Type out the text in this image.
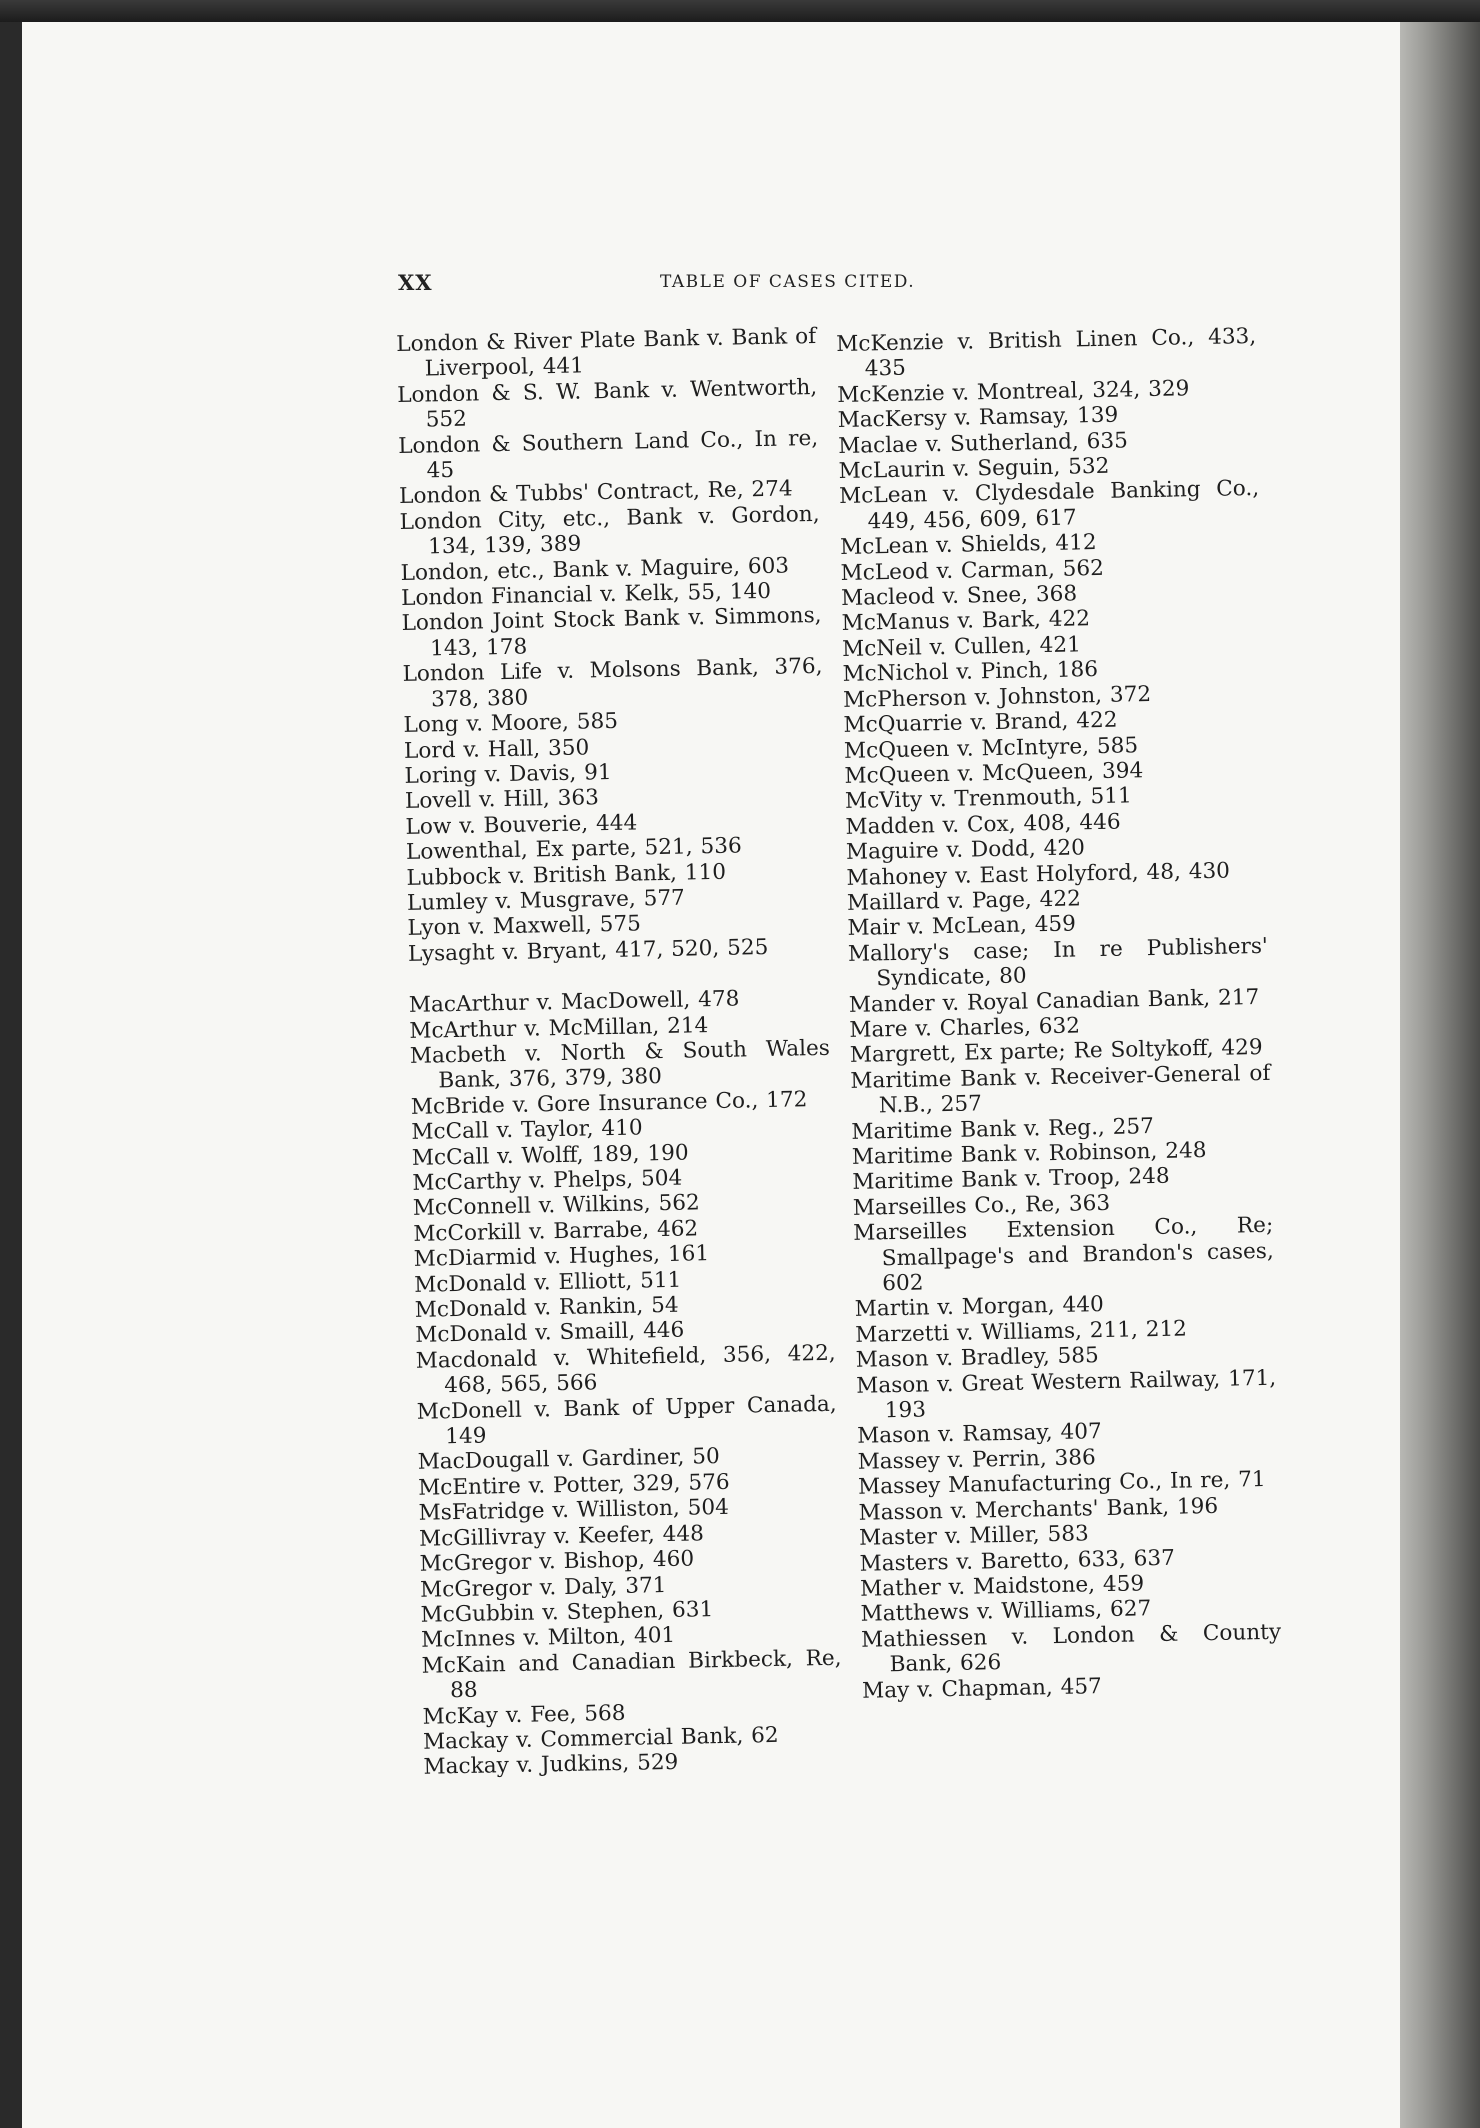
XX	TABLE OF CASES CITED.

London & River Plate Bank v. Bank of Liverpool, 441

London & S. W. Bank v. Wentworth, 552

London & Southern Land Co., In re, 45

London & Tubbs' Contract, Re, 274

London City, etc., Bank v. Gordon, 134, 139, 389

London, etc., Bank v. Maguire, 603

London Financial v. Kelk, 55, 140

London Joint Stock Bank v. Simmons, 143, 178

London Life v. Molsons Bank, 376, 378, 380

Long v. Moore, 585

Lord v. Hall, 350

Loring v. Davis, 91

Lovell v. Hill, 363

Low v. Bouverie, 444

Lowenthal, Ex parte, 521, 536

Lubbock v. British Bank, 110

Lumley v. Musgrave, 577

Lyon v. Maxwell, 575

Lysaght v. Bryant, 417, 520, 525

MacArthur v. MacDowell, 478

McArthur v. McMillan, 214

Macbeth v. North & South Wales Bank, 376, 379, 380

McBride v. Gore Insurance Co., 172

McCall v. Taylor, 410

McCall v. Wolff, 189, 190

McCarthy v. Phelps, 504

McConnell v. Wilkins, 562

McCorkill v. Barrabe, 462

McDiarmid v. Hughes, 161

McDonald v. Elliott, 511

McDonald v. Rankin, 54

McDonald v. Smaill, 446

Macdonald v. Whitefield, 356, 422, 468, 565, 566

McDonell v. Bank of Upper Canada, 149

MacDougall v. Gardiner, 50

McEntire v. Potter, 329, 576

MsFatridge v. Williston, 504

McGillivray v. Keefer, 448

McGregor v. Bishop, 460

McGregor v. Daly, 371

McGubbin v. Stephen, 631

McInnes v. Milton, 401

McKain and Canadian Birkbeck, Re, 88

McKay v. Fee, 568

Mackay v. Commercial Bank, 62

Mackay v. Judkins, 529

McKenzie v. British Linen Co., 433, 435

McKenzie v. Montreal, 324, 329

MacKersy v. Ramsay, 139

Maclae v. Sutherland, 635

McLaurin v. Seguin, 532

McLean v. Clydesdale Banking Co., 449, 456, 609, 617

McLean v. Shields, 412

McLeod v. Carman, 562

Macleod v. Snee, 368

McManus v. Bark, 422

McNeil v. Cullen, 421

McNichol v. Pinch, 186

McPherson v. Johnston, 372

McQuarrie v. Brand, 422

McQueen v. McIntyre, 585

McQueen v. McQueen, 394

McVity v. Trenmouth, 511

Madden v. Cox, 408, 446

Maguire v. Dodd, 420

Mahoney v. East Holyford, 48, 430

Maillard v. Page, 422

Mair v. McLean, 459

Mallory's case; In re Publishers' Syndicate, 80

Mander v. Royal Canadian Bank, 217

Mare v. Charles, 632

Margrett, Ex parte; Re Soltykoff, 429

Maritime Bank v. Receiver-General of N.B., 257

Maritime Bank v. Reg., 257

Maritime Bank v. Robinson, 248

Maritime Bank v. Troop, 248

Marseilles Co., Re, 363

Marseilles Extension Co., Re; Smallpage's and Brandon's cases, 602

Martin v. Morgan, 440

Marzetti v. Williams, 211, 212

Mason v. Bradley, 585

Mason v. Great Western Railway, 171, 193

Mason v. Ramsay, 407

Massey v. Perrin, 386

Massey Manufacturing Co., In re, 71

Masson v. Merchants' Bank, 196

Master v. Miller, 583

Masters v. Baretto, 633, 637

Mather v. Maidstone, 459

Matthews v. Williams, 627

Mathiessen v. London & County Bank, 626

May v. Chapman, 457
